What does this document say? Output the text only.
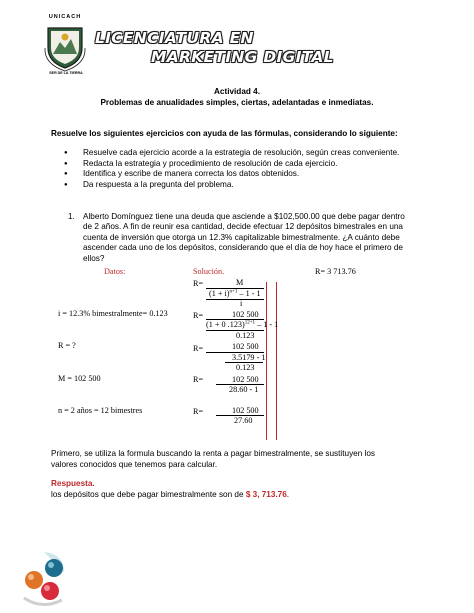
UNICACH
SER DE LA TIERRA
LICENCIATURA EN
MARKETING DIGITAL
Actividad 4.
Problemas de anualidades simples, ciertas, adelantadas e inmediatas.
Resuelve los siguientes ejercicios con ayuda de las fórmulas, considerando lo siguiente:
● Resuelve cada ejercicio acorde a la estrategia de resolución, según creas conveniente.
● Redacta la estrategia y procedimiento de resolución de cada ejercicio.
● Identifica y escribe de manera correcta los datos obtenidos.
● Da respuesta a la pregunta del problema.
1. Alberto Domínguez tiene una deuda que asciende a $102,500.00 que debe pagar dentro
de 2 años. A fin de reunir esa cantidad, decide efectuar 12 depósitos bimestrales en una
cuenta de inversión que otorga un 12.3% capitalizable bimestralmente. ¿A cuánto debe
ascender cada uno de los depósitos, considerando que el día de hoy hace el primero de
ellos?
Datos:	Solución.	R= 3 713.76
i = 12.3% bimestralmente= 0.123
R = ?
M = 102 500
n = 2 años = 12 bimestres
R=	M
$(1 + i)^{n+1} - 1 - 1$
i
R=	102 500
(1 + 0 .123)$^{12+1}$ – 1 - 1
0.123
R=	102 500
3.5179 - 1
0.123
R=	102 500
28.60 - 1
R=	102 500
27.60
Primero, se utiliza la formula buscando la renta a pagar bimestralmente, se sustituyen los
valores conocidos que tenemos para calcular.
Respuesta.
los depósitos que debe pagar bimestralmente son de $ 3, 713.76.
